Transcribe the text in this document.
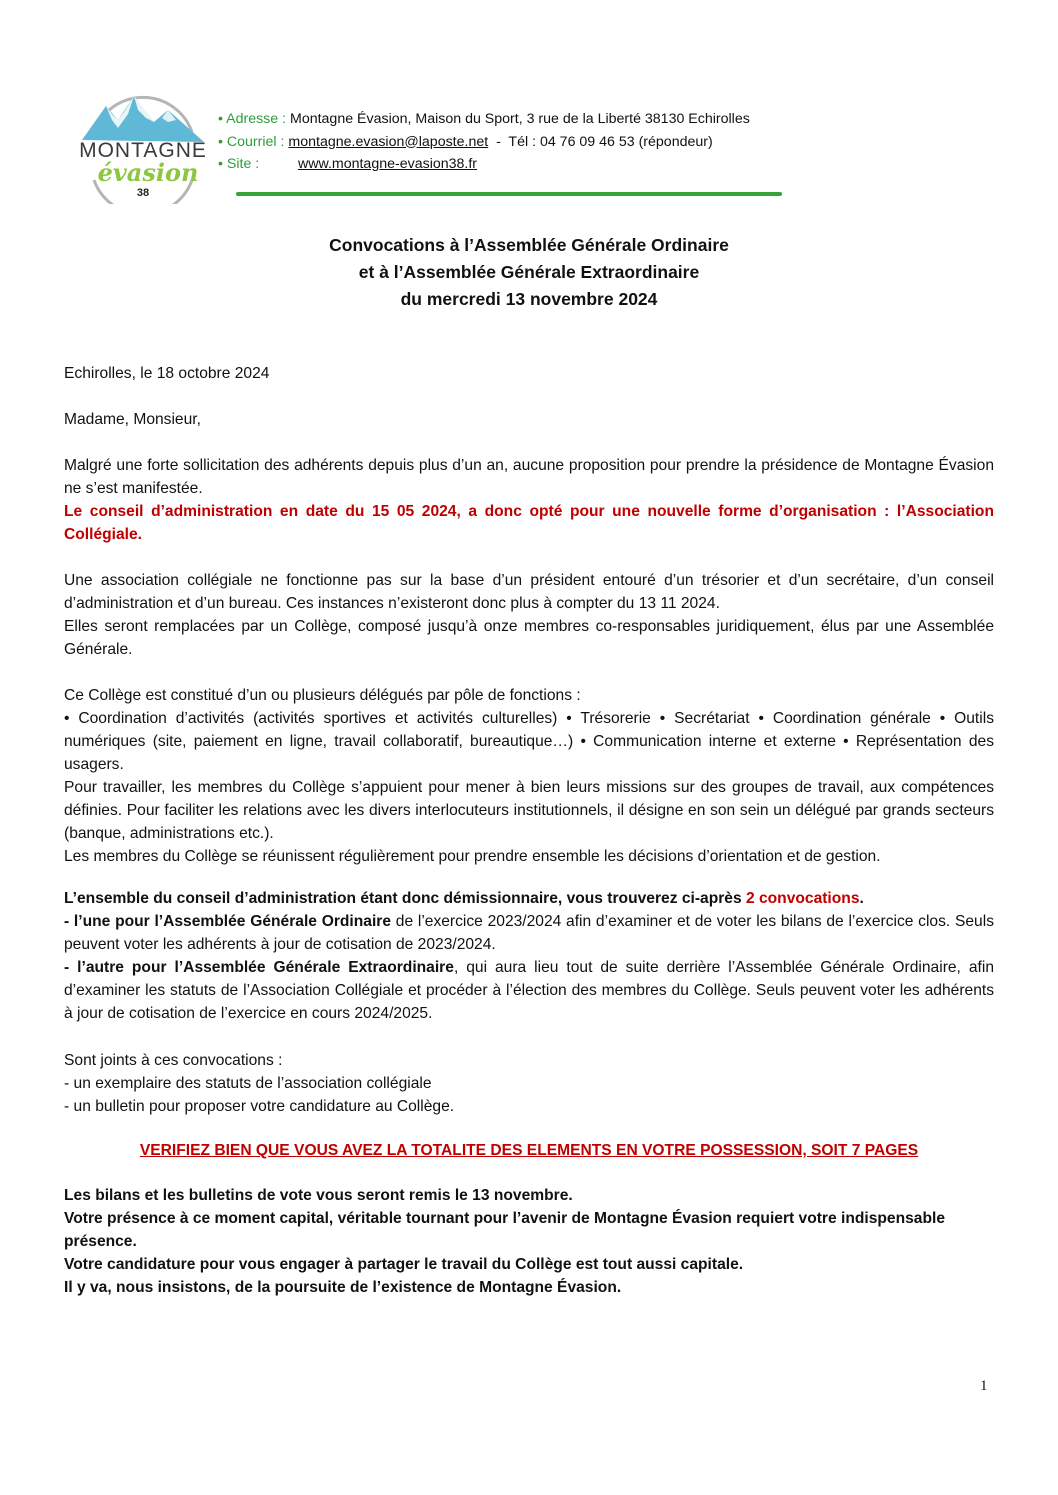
MONTAGNE
évasion
38
• Adresse : Montagne Évasion, Maison du Sport, 3 rue de la Liberté 38130 Echirolles
• Courriel : montagne.evasion@laposte.net  -  Tél : 04 76 09 46 53 (répondeur)
• Site :	www.montagne-evasion38.fr
Convocations à l’Assemblée Générale Ordinaire
et à l’Assemblée Générale Extraordinaire
du mercredi 13 novembre 2024
Echirolles, le 18 octobre 2024
Madame, Monsieur,

Malgré une forte sollicitation des adhérents depuis plus d’un an, aucune proposition pour prendre la présidence de Montagne Évasion ne s’est manifestée.

Le conseil d’administration en date du 15 05 2024, a donc opté pour une nouvelle forme d’organisation : l’Association Collégiale.

Une association collégiale ne fonctionne pas sur la base d’un président entouré d’un trésorier et d’un secrétaire, d’un conseil d’administration et d’un bureau. Ces instances n’existeront donc plus à compter du 13 11 2024.

Elles seront remplacées par un Collège, composé jusqu’à onze membres co-responsables juridiquement, élus par une Assemblée Générale.

Ce Collège est constitué d’un ou plusieurs délégués par pôle de fonctions :

• Coordination d’activités (activités sportives et activités culturelles) • Trésorerie • Secrétariat • Coordination générale • Outils numériques (site, paiement en ligne, travail collaboratif, bureautique…) • Communication interne et externe • Représentation des usagers.

Pour travailler, les membres du Collège s’appuient pour mener à bien leurs missions sur des groupes de travail, aux compétences définies. Pour faciliter les relations avec les divers interlocuteurs institutionnels, il désigne en son sein un délégué par grands secteurs (banque, administrations etc.).

Les membres du Collège se réunissent régulièrement pour prendre ensemble les décisions d’orientation et de gestion.

L’ensemble du conseil d’administration étant donc démissionnaire, vous trouverez ci-après 2 convocations.

- l’une pour l’Assemblée Générale Ordinaire de l’exercice 2023/2024 afin d’examiner et de voter les bilans de l’exercice clos. Seuls peuvent voter les adhérents à jour de cotisation de 2023/2024.

- l’autre pour l’Assemblée Générale Extraordinaire, qui aura lieu tout de suite derrière l’Assemblée Générale Ordinaire, afin d’examiner les statuts de l’Association Collégiale et procéder à l’élection des membres du Collège. Seuls peuvent voter les adhérents à jour de cotisation de l’exercice en cours 2024/2025.

Sont joints à ces convocations :

- un exemplaire des statuts de l’association collégiale

- un bulletin pour proposer votre candidature au Collège.

VERIFIEZ BIEN QUE VOUS AVEZ LA TOTALITE DES ELEMENTS EN VOTRE POSSESSION, SOIT 7 PAGES

Les bilans et les bulletins de vote vous seront remis le 13 novembre.

Votre présence à ce moment capital, véritable tournant pour l’avenir de Montagne Évasion requiert votre indispensable présence.

Votre candidature pour vous engager à partager le travail du Collège est tout aussi capitale.

Il y va, nous insistons, de la poursuite de l’existence de Montagne Évasion.

1
